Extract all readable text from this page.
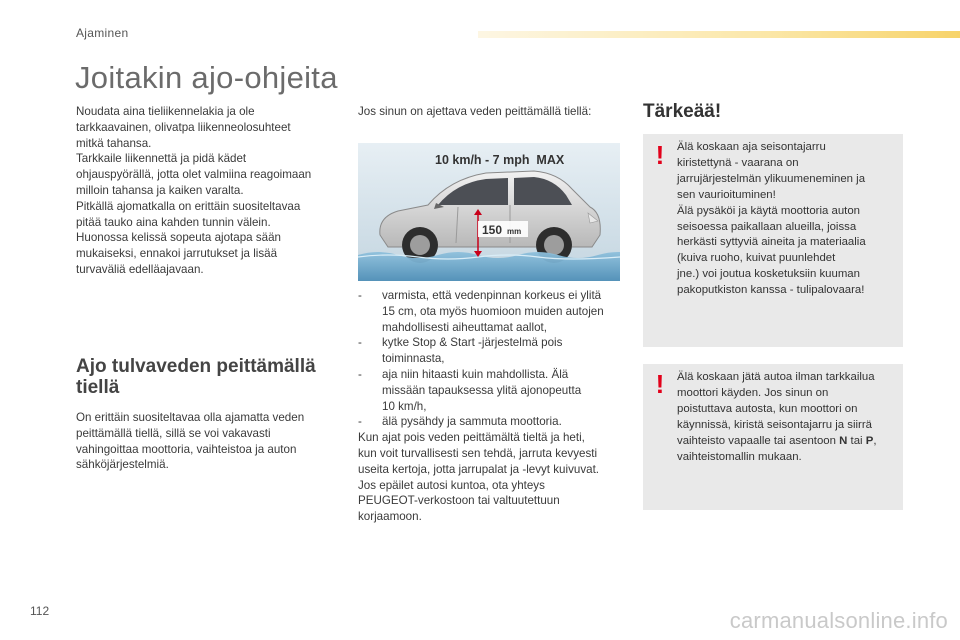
Ajaminen
Joitakin ajo-ohjeita

Noudata aina tieliikennelakia ja ole

tarkkaavainen, olivatpa liikenneolosuhteet

mitkä tahansa.

Tarkkaile liikennettä ja pidä kädet

ohjauspyörällä, jotta olet valmiina reagoimaan

milloin tahansa ja kaiken varalta.

Pitkällä ajomatkalla on erittäin suositeltavaa

pitää tauko aina kahden tunnin välein.

Huonossa kelissä sopeuta ajotapa sään

mukaiseksi, ennakoi jarrutukset ja lisää

turvaväliä edelläajavaan.

Ajo tulvaveden peittämällä
tiellä

On erittäin suositeltavaa olla ajamatta veden

peittämällä tiellä, sillä se voi vakavasti

vahingoittaa moottoria, vaihteistoa ja auton

sähköjärjestelmiä.

Jos sinun on ajettava veden peittämällä tiellä:

150 mm
10 km/h - 7 mph  MAX
- varmista, että vedenpinnan korkeus ei ylitä
15 cm, ota myös huomioon muiden autojen
mahdollisesti aiheuttamat aallot,
- kytke Stop & Start -järjestelmä pois
toiminnasta,
- aja niin hitaasti kuin mahdollista. Älä
missään tapauksessa ylitä ajonopeutta
10 km/h,
- älä pysähdy ja sammuta moottoria.

Kun ajat pois veden peittämältä tieltä ja heti,

kun voit turvallisesti sen tehdä, jarruta kevyesti

useita kertoja, jotta jarrupalat ja -levyt kuivuvat.

Jos epäilet autosi kuntoa, ota yhteys

PEUGEOT-verkostoon tai valtuutettuun

korjaamoon.

Tärkeää!
! Älä koskaan aja seisontajarru
kiristettynä - vaarana on
jarrujärjestelmän ylikuumeneminen ja
sen vaurioituminen!
Älä pysäköi ja käytä moottoria auton
seisoessa paikallaan alueilla, joissa
herkästi syttyviä aineita ja materiaalia
(kuiva ruoho, kuivat puunlehdet
jne.) voi joutua kosketuksiin kuuman
pakoputkiston kanssa - tulipalovaara!

! Älä koskaan jätä autoa ilman tarkkailua
moottori käyden. Jos sinun on
poistuttava autosta, kun moottori on
käynnissä, kiristä seisontajarru ja siirrä
vaihteisto vapaalle tai asentoon N tai P,
vaihteistomallin mukaan.

112	carmanualsonline.info
